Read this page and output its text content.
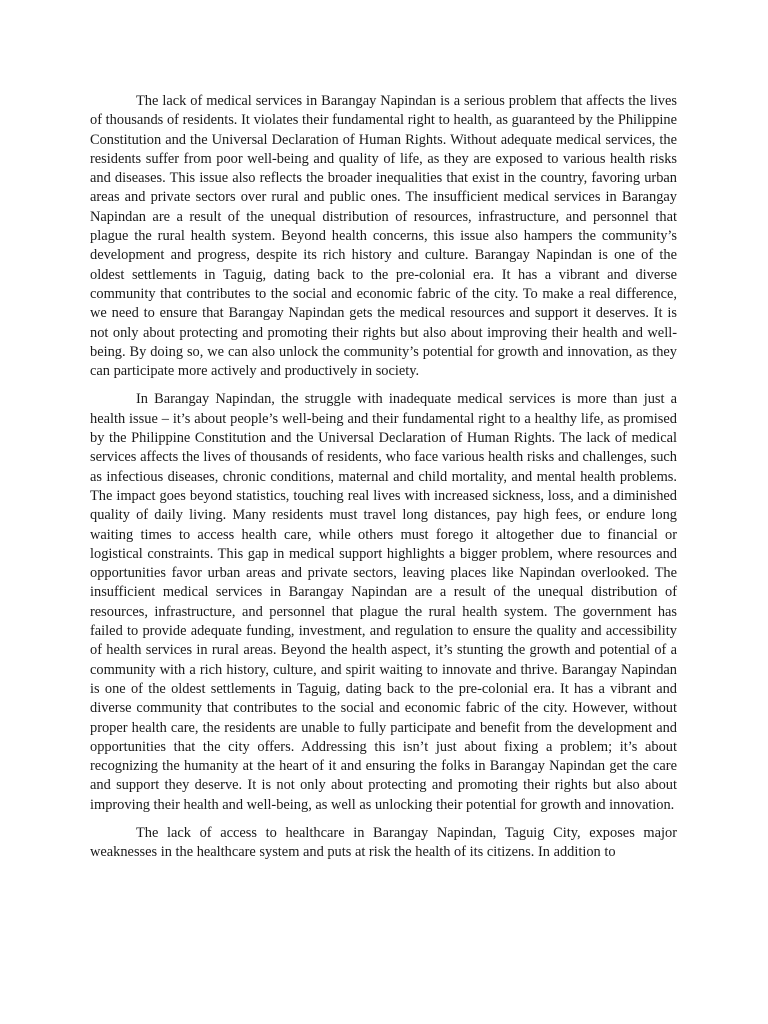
The lack of medical services in Barangay Napindan is a serious problem that affects the lives of thousands of residents. It violates their fundamental right to health, as guaranteed by the Philippine Constitution and the Universal Declaration of Human Rights. Without adequate medical services, the residents suffer from poor well-being and quality of life, as they are exposed to various health risks and diseases. This issue also reflects the broader inequalities that exist in the country, favoring urban areas and private sectors over rural and public ones. The insufficient medical services in Barangay Napindan are a result of the unequal distribution of resources, infrastructure, and personnel that plague the rural health system. Beyond health concerns, this issue also hampers the community’s development and progress, despite its rich history and culture. Barangay Napindan is one of the oldest settlements in Taguig, dating back to the pre-colonial era. It has a vibrant and diverse community that contributes to the social and economic fabric of the city. To make a real difference, we need to ensure that Barangay Napindan gets the medical resources and support it deserves. It is not only about protecting and promoting their rights but also about improving their health and well-being. By doing so, we can also unlock the community’s potential for growth and innovation, as they can participate more actively and productively in society.

In Barangay Napindan, the struggle with inadequate medical services is more than just a health issue – it’s about people’s well-being and their fundamental right to a healthy life, as promised by the Philippine Constitution and the Universal Declaration of Human Rights. The lack of medical services affects the lives of thousands of residents, who face various health risks and challenges, such as infectious diseases, chronic conditions, maternal and child mortality, and mental health problems. The impact goes beyond statistics, touching real lives with increased sickness, loss, and a diminished quality of daily living. Many residents must travel long distances, pay high fees, or endure long waiting times to access health care, while others must forego it altogether due to financial or logistical constraints. This gap in medical support highlights a bigger problem, where resources and opportunities favor urban areas and private sectors, leaving places like Napindan overlooked. The insufficient medical services in Barangay Napindan are a result of the unequal distribution of resources, infrastructure, and personnel that plague the rural health system. The government has failed to provide adequate funding, investment, and regulation to ensure the quality and accessibility of health services in rural areas. Beyond the health aspect, it’s stunting the growth and potential of a community with a rich history, culture, and spirit waiting to innovate and thrive. Barangay Napindan is one of the oldest settlements in Taguig, dating back to the pre-colonial era. It has a vibrant and diverse community that contributes to the social and economic fabric of the city. However, without proper health care, the residents are unable to fully participate and benefit from the development and opportunities that the city offers. Addressing this isn’t just about fixing a problem; it’s about recognizing the humanity at the heart of it and ensuring the folks in Barangay Napindan get the care and support they deserve. It is not only about protecting and promoting their rights but also about improving their health and well-being, as well as unlocking their potential for growth and innovation.

The lack of access to healthcare in Barangay Napindan, Taguig City, exposes major weaknesses in the healthcare system and puts at risk the health of its citizens. In addition to
